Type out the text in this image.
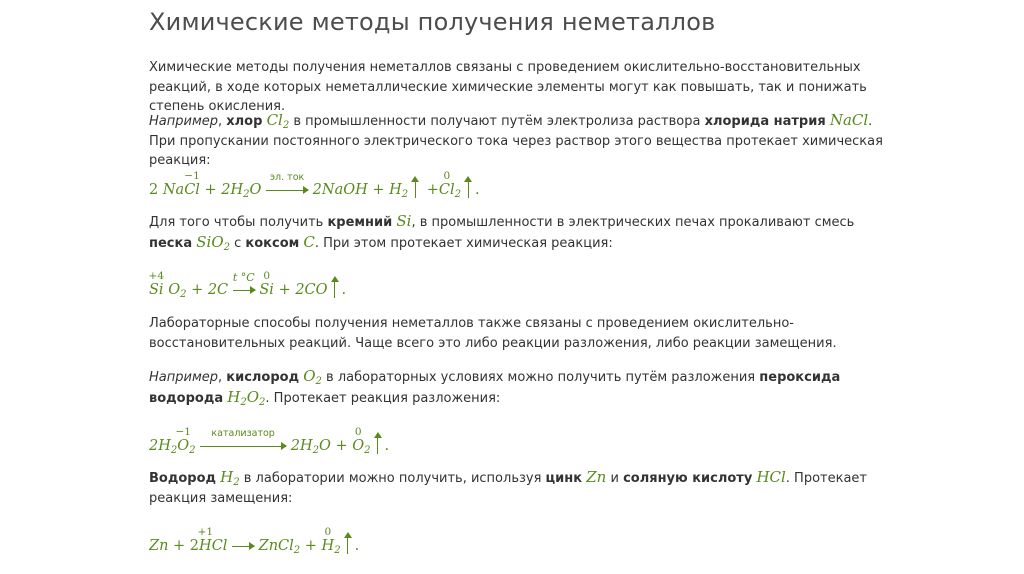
Химические методы получения неметаллов

Химические методы получения неметаллов связаны с проведением окислительно-восстановительных реакций, в ходе которых неметаллические химические элементы могут как повышать, так и понижать степень окисления.

Например, хлор $Cl_2$ в промышленности получают путём электролиза раствора хлорида натрия NaCl. При пропускании постоянного электрического тока через раствор этого вещества протекает химическая реакция:

2 Na
−1
$Cl + 2H_2O$
эл. ток
2NaOH + $H_2$ +
0
$Cl_2$ .

Для того чтобы получить кремний Si, в промышленности в электрических печах прокаливают смесь песка SiO$_2$ с коксом C. При этом протекает химическая реакция:

+4
Si $O_2 + 2C$
t °C
0
Si + 2CO .

Лабораторные способы получения неметаллов также связаны с проведением окислительно-восстановительных реакций. Чаще всего это либо реакции разложения, либо реакции замещения.

Например, кислород $O_2$ в лабораторных условиях можно получить путём разложения пероксида водорода $H_2O_2$. Протекает реакция разложения:

$2H_2$
−1
$O_2$
катализатор
$2H_2O$ +
0
$O_2$ .

Водород $H_2$ в лаборатории можно получить, используя цинк Zn и соляную кислоту HCl. Протекает реакция замещения:

Zn + 2
+1
HCl → ZnCl$_2$ +
0
$H_2$ .
